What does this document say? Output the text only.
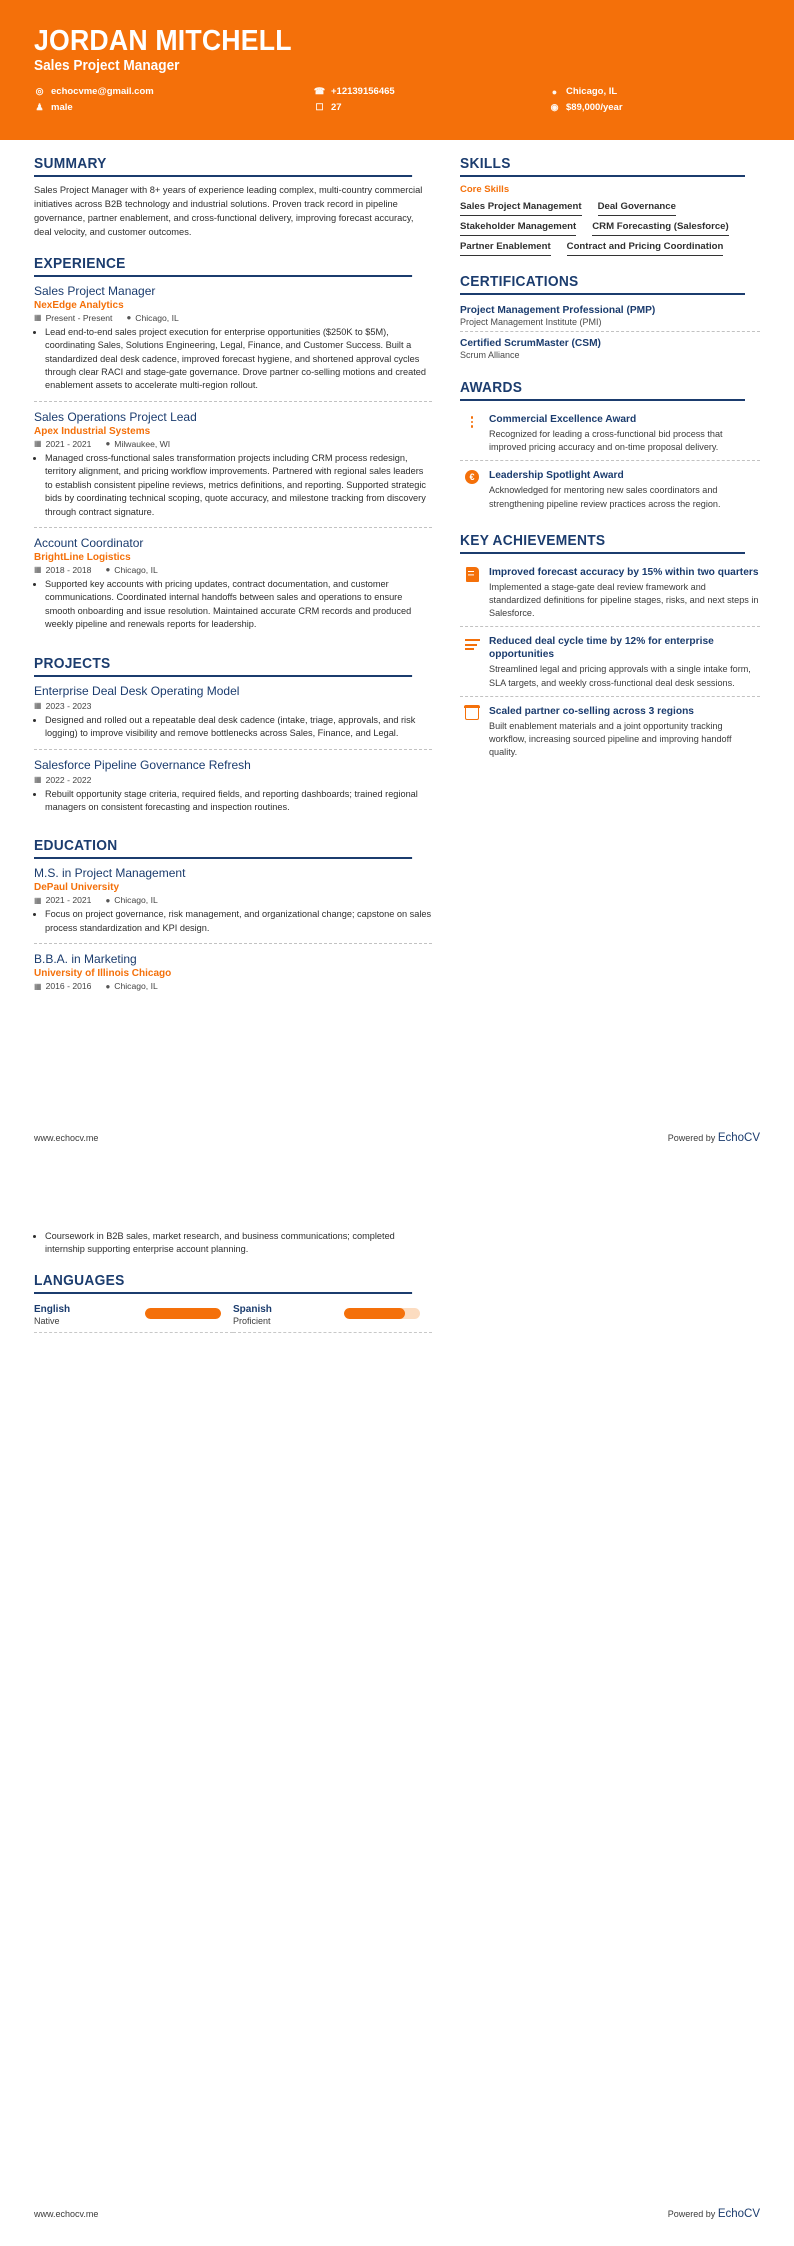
JORDAN MITCHELL
Sales Project Manager
◎ echocvme@gmail.com	☎ +12139156465	● Chicago, IL
♟ male	☐ 27	◉ $89,000/year
SUMMARY
Sales Project Manager with 8+ years of experience leading complex, multi-country commercial initiatives across B2B technology and industrial solutions. Proven track record in pipeline governance, partner enablement, and cross-functional delivery, improving forecast accuracy, deal velocity, and customer outcomes.
EXPERIENCE
Sales Project Manager
NexEdge Analytics
▦ Present - Present ● Chicago, IL
• Lead end-to-end sales project execution for enterprise opportunities ($250K to $5M), coordinating Sales, Solutions Engineering, Legal, Finance, and Customer Success. Built a standardized deal desk cadence, improved forecast hygiene, and shortened approval cycles through clear RACI and stage-gate governance. Drove partner co-selling motions and created enablement assets to accelerate multi-region rollout.
Sales Operations Project Lead
Apex Industrial Systems
▦ 2021 - 2021 ● Milwaukee, WI
• Managed cross-functional sales transformation projects including CRM process redesign, territory alignment, and pricing workflow improvements. Partnered with regional sales leaders to establish consistent pipeline reviews, metrics definitions, and reporting. Supported strategic bids by coordinating technical scoping, quote accuracy, and milestone tracking from discovery through contract signature.
Account Coordinator
BrightLine Logistics
▦ 2018 - 2018 ● Chicago, IL
• Supported key accounts with pricing updates, contract documentation, and customer communications. Coordinated internal handoffs between sales and operations to ensure smooth onboarding and issue resolution. Maintained accurate CRM records and produced weekly pipeline and renewals reports for leadership.
PROJECTS
Enterprise Deal Desk Operating Model
▦ 2023 - 2023
• Designed and rolled out a repeatable deal desk cadence (intake, triage, approvals, and risk logging) to improve visibility and remove bottlenecks across Sales, Finance, and Legal.
Salesforce Pipeline Governance Refresh
▦ 2022 - 2022
• Rebuilt opportunity stage criteria, required fields, and reporting dashboards; trained regional managers on consistent forecasting and inspection routines.
EDUCATION
M.S. in Project Management
DePaul University
▦ 2021 - 2021 ● Chicago, IL
• Focus on project governance, risk management, and organizational change; capstone on sales process standardization and KPI design.
B.B.A. in Marketing
University of Illinois Chicago
▦ 2016 - 2016 ● Chicago, IL
SKILLS
Core Skills
Sales Project Management Deal Governance
Stakeholder Management CRM Forecasting (Salesforce)
Partner Enablement Contract and Pricing Coordination
CERTIFICATIONS
Project Management Professional (PMP)
Project Management Institute (PMI)
Certified ScrumMaster (CSM)
Scrum Alliance
AWARDS
Commercial Excellence Award
Recognized for leading a cross-functional bid process that improved pricing accuracy and on-time proposal delivery.
€	Leadership Spotlight Award
Acknowledged for mentoring new sales coordinators and strengthening pipeline review practices across the region.
KEY ACHIEVEMENTS
Improved forecast accuracy by 15% within two quarters
Implemented a stage-gate deal review framework and standardized definitions for pipeline stages, risks, and next steps in Salesforce.
Reduced deal cycle time by 12% for enterprise opportunities
Streamlined legal and pricing approvals with a single intake form, SLA targets, and weekly cross-functional deal desk sessions.
Scaled partner co-selling across 3 regions
Built enablement materials and a joint opportunity tracking workflow, increasing sourced pipeline and improving handoff quality.
www.echocv.me	Powered by EchoCV
• Coursework in B2B sales, market research, and business communications; completed internship supporting enterprise account planning.
LANGUAGES
English
Native
Spanish
Proficient
www.echocv.me	Powered by EchoCV
